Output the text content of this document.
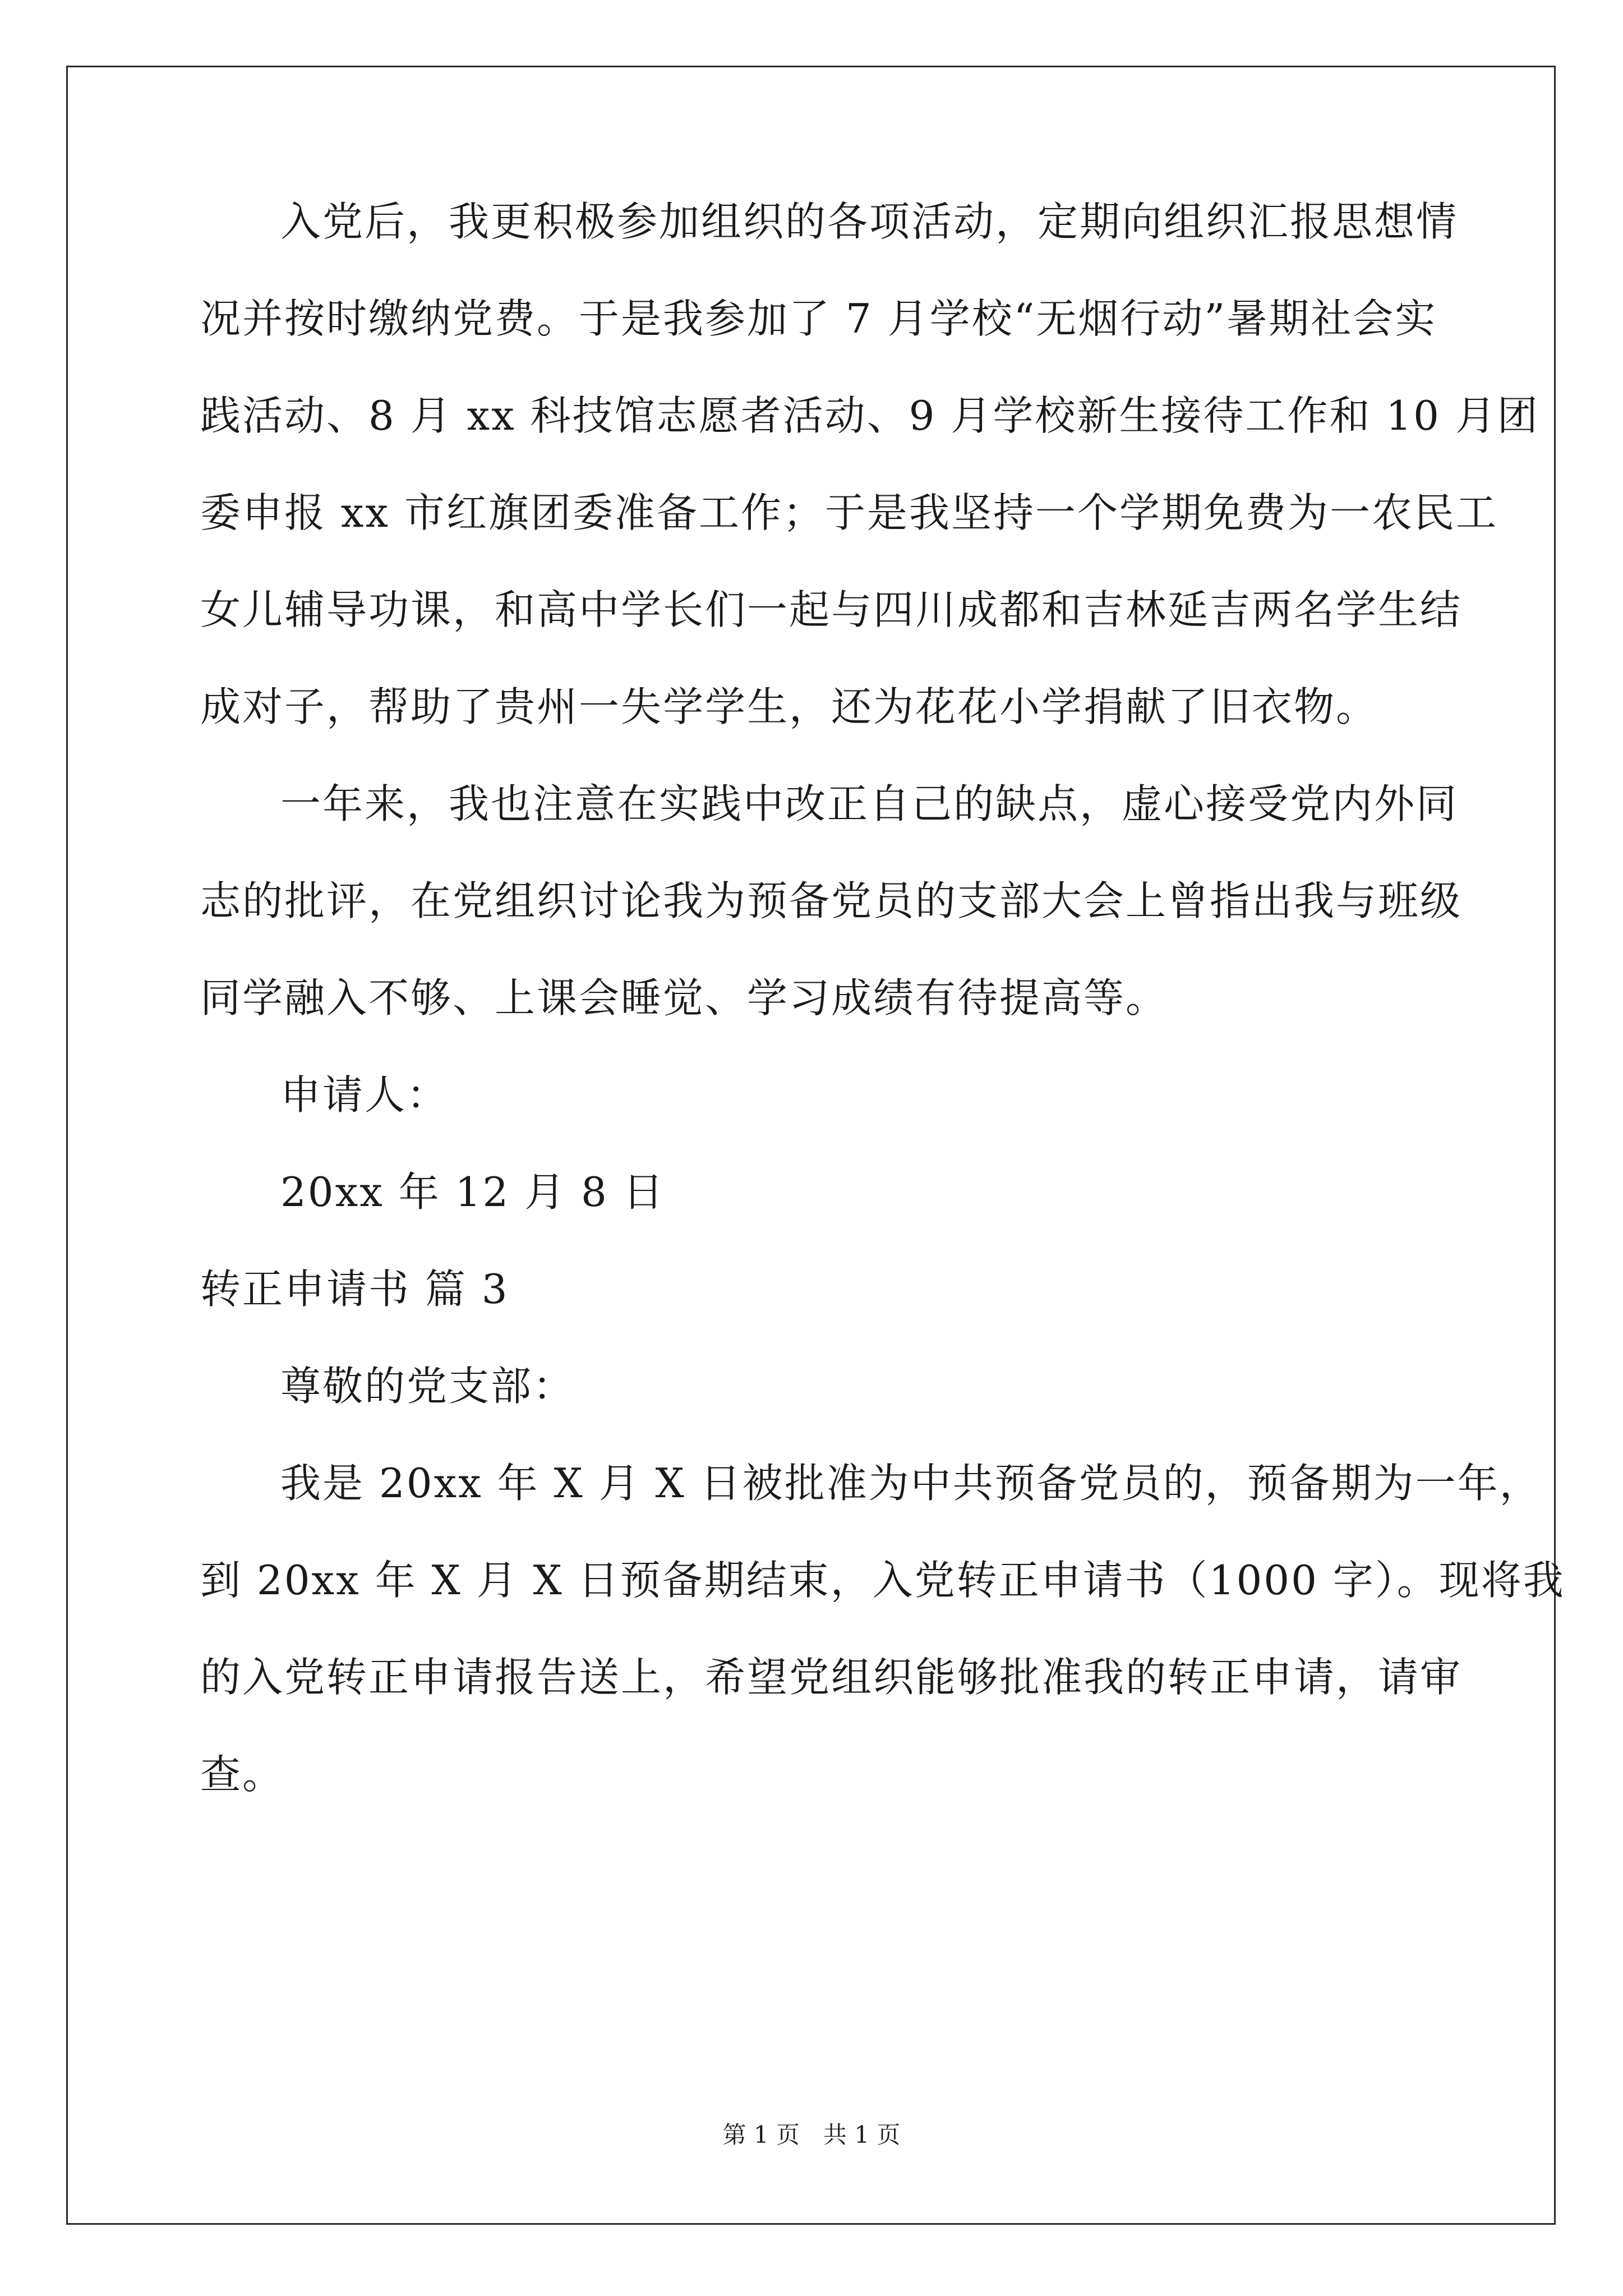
入党后，我更积极参加组织的各项活动，定期向组织汇报思想情
况并按时缴纳党费。于是我参加了 7 月学校“无烟行动”暑期社会实
践活动、8 月 xx 科技馆志愿者活动、9 月学校新生接待工作和 10 月团
委申报 xx 市红旗团委准备工作；于是我坚持一个学期免费为一农民工
女儿辅导功课，和高中学长们一起与四川成都和吉林延吉两名学生结
成对子，帮助了贵州一失学学生，还为花花小学捐献了旧衣物。
一年来，我也注意在实践中改正自己的缺点，虚心接受党内外同
志的批评，在党组织讨论我为预备党员的支部大会上曾指出我与班级
同学融入不够、上课会睡觉、学习成绩有待提高等。
申请人：
20xx 年 12 月 8 日
转正申请书 篇 3
尊敬的党支部：
我是 20xx 年 X 月 X 日被批准为中共预备党员的，预备期为一年，
到 20xx 年 X 月 X 日预备期结束，入党转正申请书（1000 字）。现将我
的入党转正申请报告送上，希望党组织能够批准我的转正申请，请审
查。
第 1 页　共 1 页
